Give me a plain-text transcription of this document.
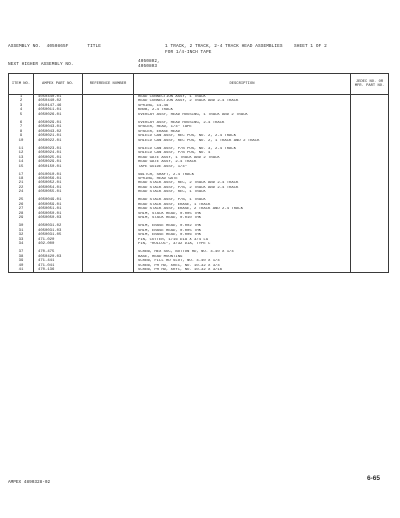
ASSEMBLY NO. 4050865F	TITLE	1 TRACK, 2 TRACK, 2-4 TRACK HEAD ASSEMBLIES
FOR 1/4-INCH TAPE
SHEET 1 OF 2
NEXT HIGHER ASSEMBLY NO.
4050802,
4050803
ITEM NO.	AMPEX PART NO.	REFERENCE NUMBER	DESCRIPTION	JEDEC NO. OR MFR. PART NO.
1	4050440-01		HEAD CONNECTION ASSY, 1 TRACK	
2	4050440-02		HEAD CONNECTION ASSY, 2 TRACK AND 2-4 TRACK	
3	4010147-46		SPRING, 14-46	
4	4050011-01		KNOB, 2-4 TRACK	
5	4050026-01		OVERLAY ASSY, HEAD HOUSING, 1 TRACK AND 2 TRACK	

6	4050029-01		OVERLAY ASSY, HEAD HOUSING, 2-4 TRACK	
7	4050043-01		SPACER, HEAD, 1/4" TAPE	
8	4050043-02		SPACER, ERASE HEAD	
9	4050021-01		SHIELD CAN ASSY, REC POS, NO. 2, 2-4 TRACK	
10	4050022-01		SHIELD CAN ASSY, REC POS, NO. 2, 1 TRACK AND 2 TRACK	

11	4050023-01		SHIELD CAN ASSY, P/B POS, NO. 3, 2-4 TRACK	
12	4050024-01		SHIELD CAN ASSY, P/B POS, NO. 4	
13	4050025-01		HEAD GATE ASSY, 1 TRACK AND 2 TRACK	
14	4050029-01		HEAD GATE ASSY, 2-4 TRACK	
15	4050150-01		TAPE GUIDE ASSY, 1/4"	

17	4010010-01		SWITCH, SHAFT, 2-4 TRACK	
18	4050056-01		SPRING, HEAD GATE	
21	4050052-01		HEAD STACK ASSY, REC, 2 TRACK AND 2-4 TRACK	
22	4050054-01		HEAD STACK ASSY, P/B, 2 TRACK AND 2-4 TRACK	
24	4050055-01		HEAD STACK ASSY, REC, 1 TRACK	

25	4050049-01		HEAD STACK ASSY, P/B, 1 TRACK	
26	4050059-01		HEAD STACK ASSY, ERASE, 1 TRACK	
27	4050051-01		HEAD STACK ASSY, ERASE, 2 TRACK AND 2-4 TRACK	
28	4050050-01		SHIM, STACK HEAD, 0.005 THK	
29	4050050-03		SHIM, STACK HEAD, 0.010 THK	

30	4050031-02		SHIM, ERASE HEAD, 0.002 THK	
31	4050031-03		SHIM, ERASE HEAD, 0.005 THK	
32	4050031-05		SHIM, ERASE HEAD, 0.006 THK	
33	471-020		PIN, COTTER, 1/16 DIA X 3/4 LG	
34	402-000		PIN, "ROLLOC", 3/32 DIA, TYPE C	

37	470-475		SCREW, HEX SOC, BUTTON HD, NO. 4-40 X 1/4	
38	4050420-03		BASE, HEAD MOUNTING	
39	471-441		SCREW, FILL HD SLOT, NO. 4-40 X 1/4	
40	471-041		SCREW, PH HD, XREC, NO. 10-32 X 3/4	
41	470-136		SCREW, PH HD, XRYC, NO. 10-32 X 3/16	
AMPEX 4890328-02
6-65
